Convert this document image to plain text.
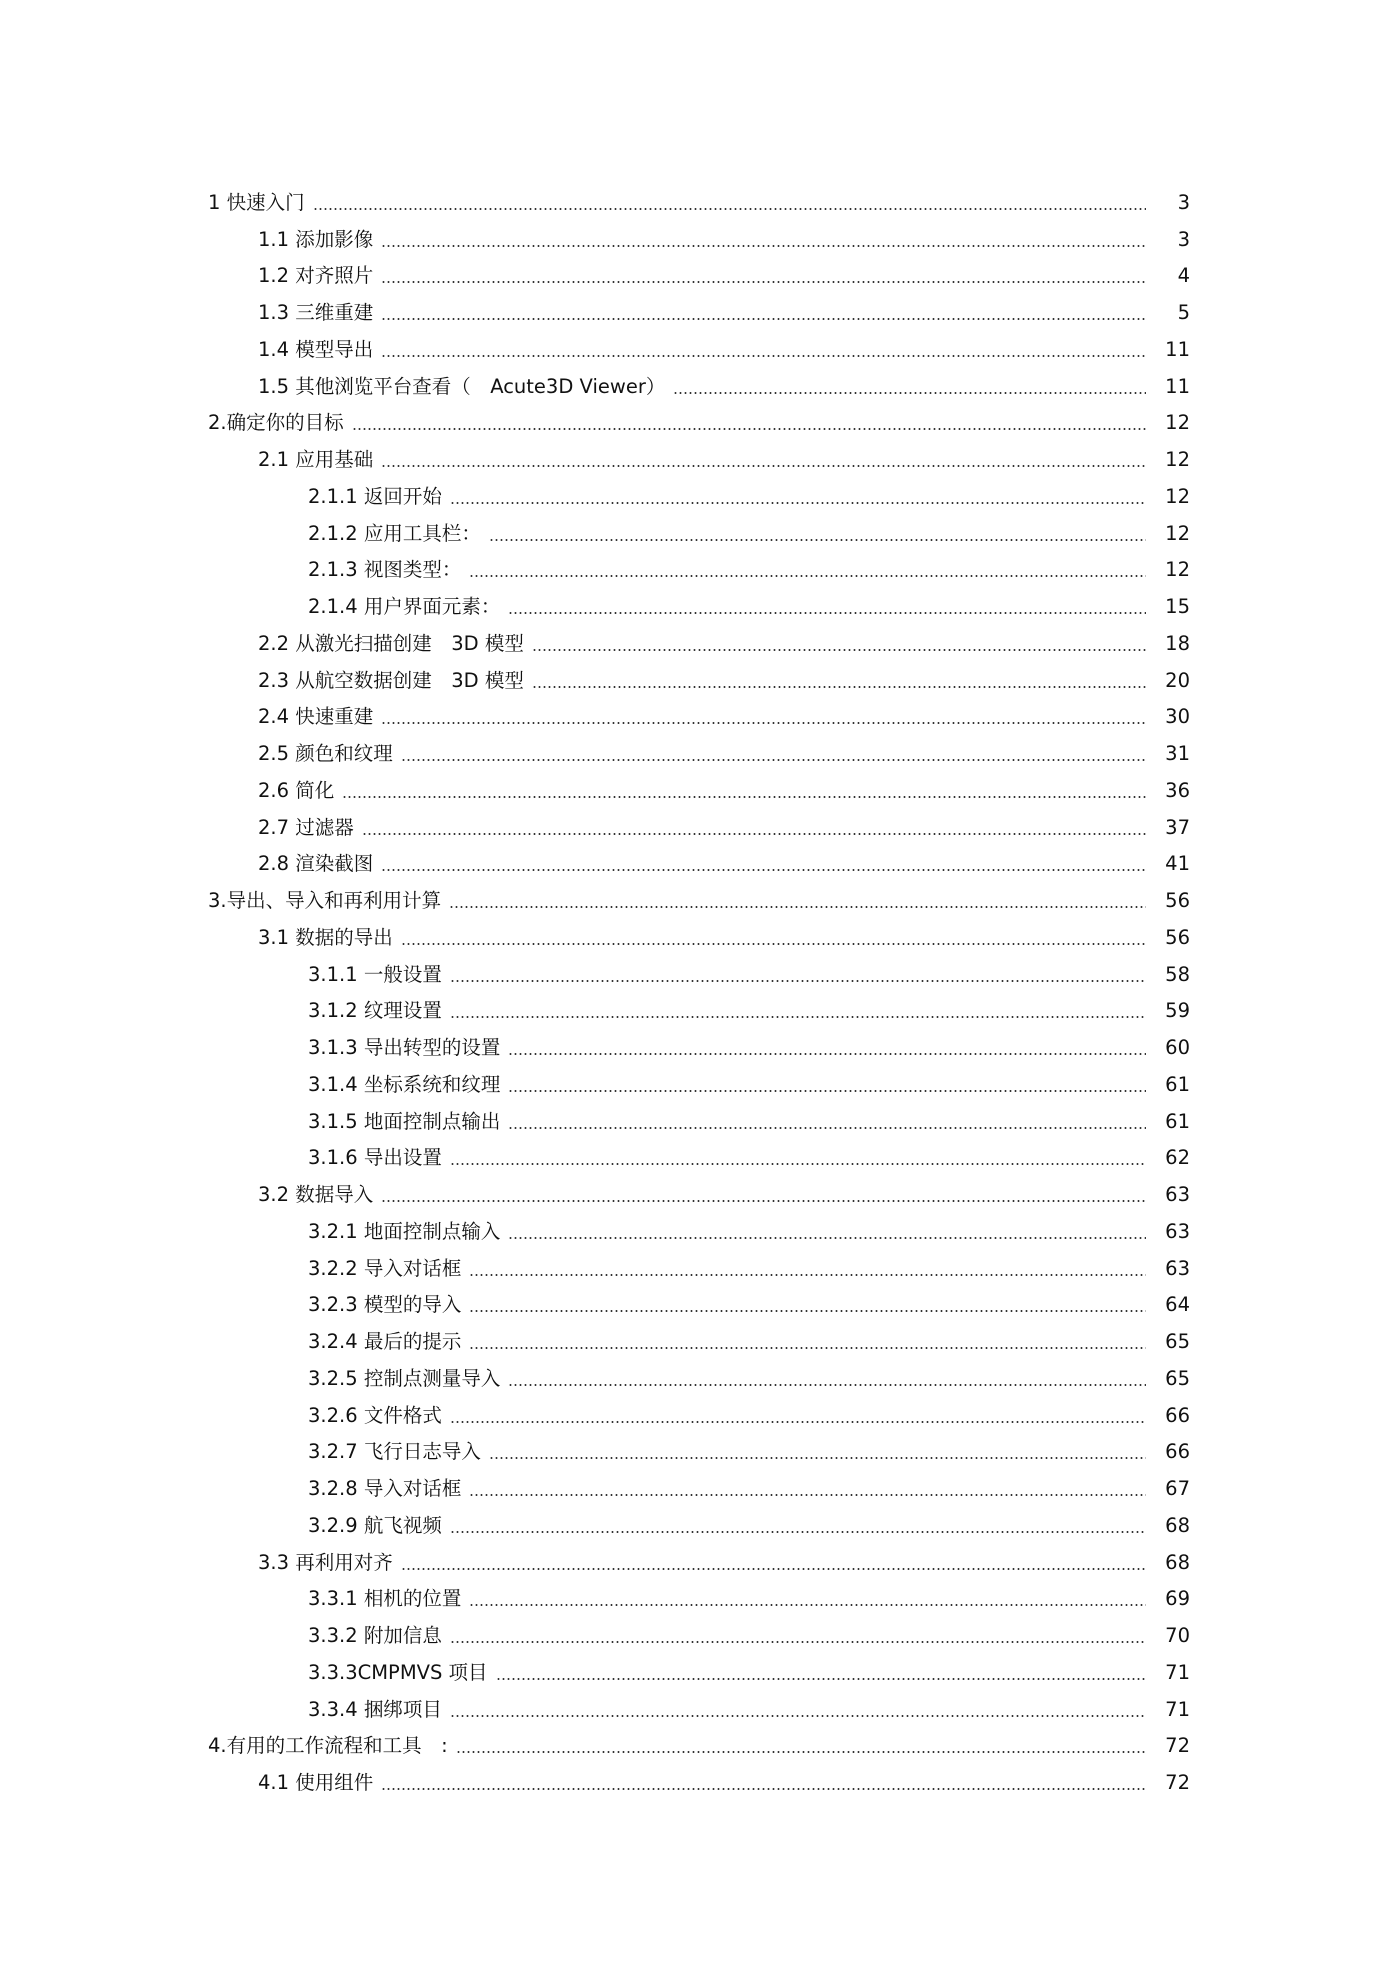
1 快速入门	3
1.1 添加影像	3
1.2 对齐照片	4
1.3 三维重建	5
1.4 模型导出	11
1.5 其他浏览平台查看（　Acute3D Viewer）	11
2.确定你的目标	12
2.1 应用基础	12
2.1.1 返回开始	12
2.1.2 应用工具栏：	12
2.1.3 视图类型：	12
2.1.4 用户界面元素：	15
2.2 从激光扫描创建　3D 模型	18
2.3 从航空数据创建　3D 模型	20
2.4 快速重建	30
2.5 颜色和纹理	31
2.6 简化	36
2.7 过滤器	37
2.8 渲染截图	41
3.导出、导入和再利用计算	56
3.1 数据的导出	56
3.1.1 一般设置	58
3.1.2 纹理设置	59
3.1.3 导出转型的设置	60
3.1.4 坐标系统和纹理	61
3.1.5 地面控制点输出	61
3.1.6 导出设置	62
3.2 数据导入	63
3.2.1 地面控制点输入	63
3.2.2 导入对话框	63
3.2.3 模型的导入	64
3.2.4 最后的提示	65
3.2.5 控制点测量导入	65
3.2.6 文件格式	66
3.2.7 飞行日志导入	66
3.2.8 导入对话框	67
3.2.9 航飞视频	68
3.3 再利用对齐	68
3.3.1 相机的位置	69
3.3.2 附加信息	70
3.3.3CMPMVS 项目	71
3.3.4 捆绑项目	71
4.有用的工作流程和工具　:	72
4.1 使用组件	72
